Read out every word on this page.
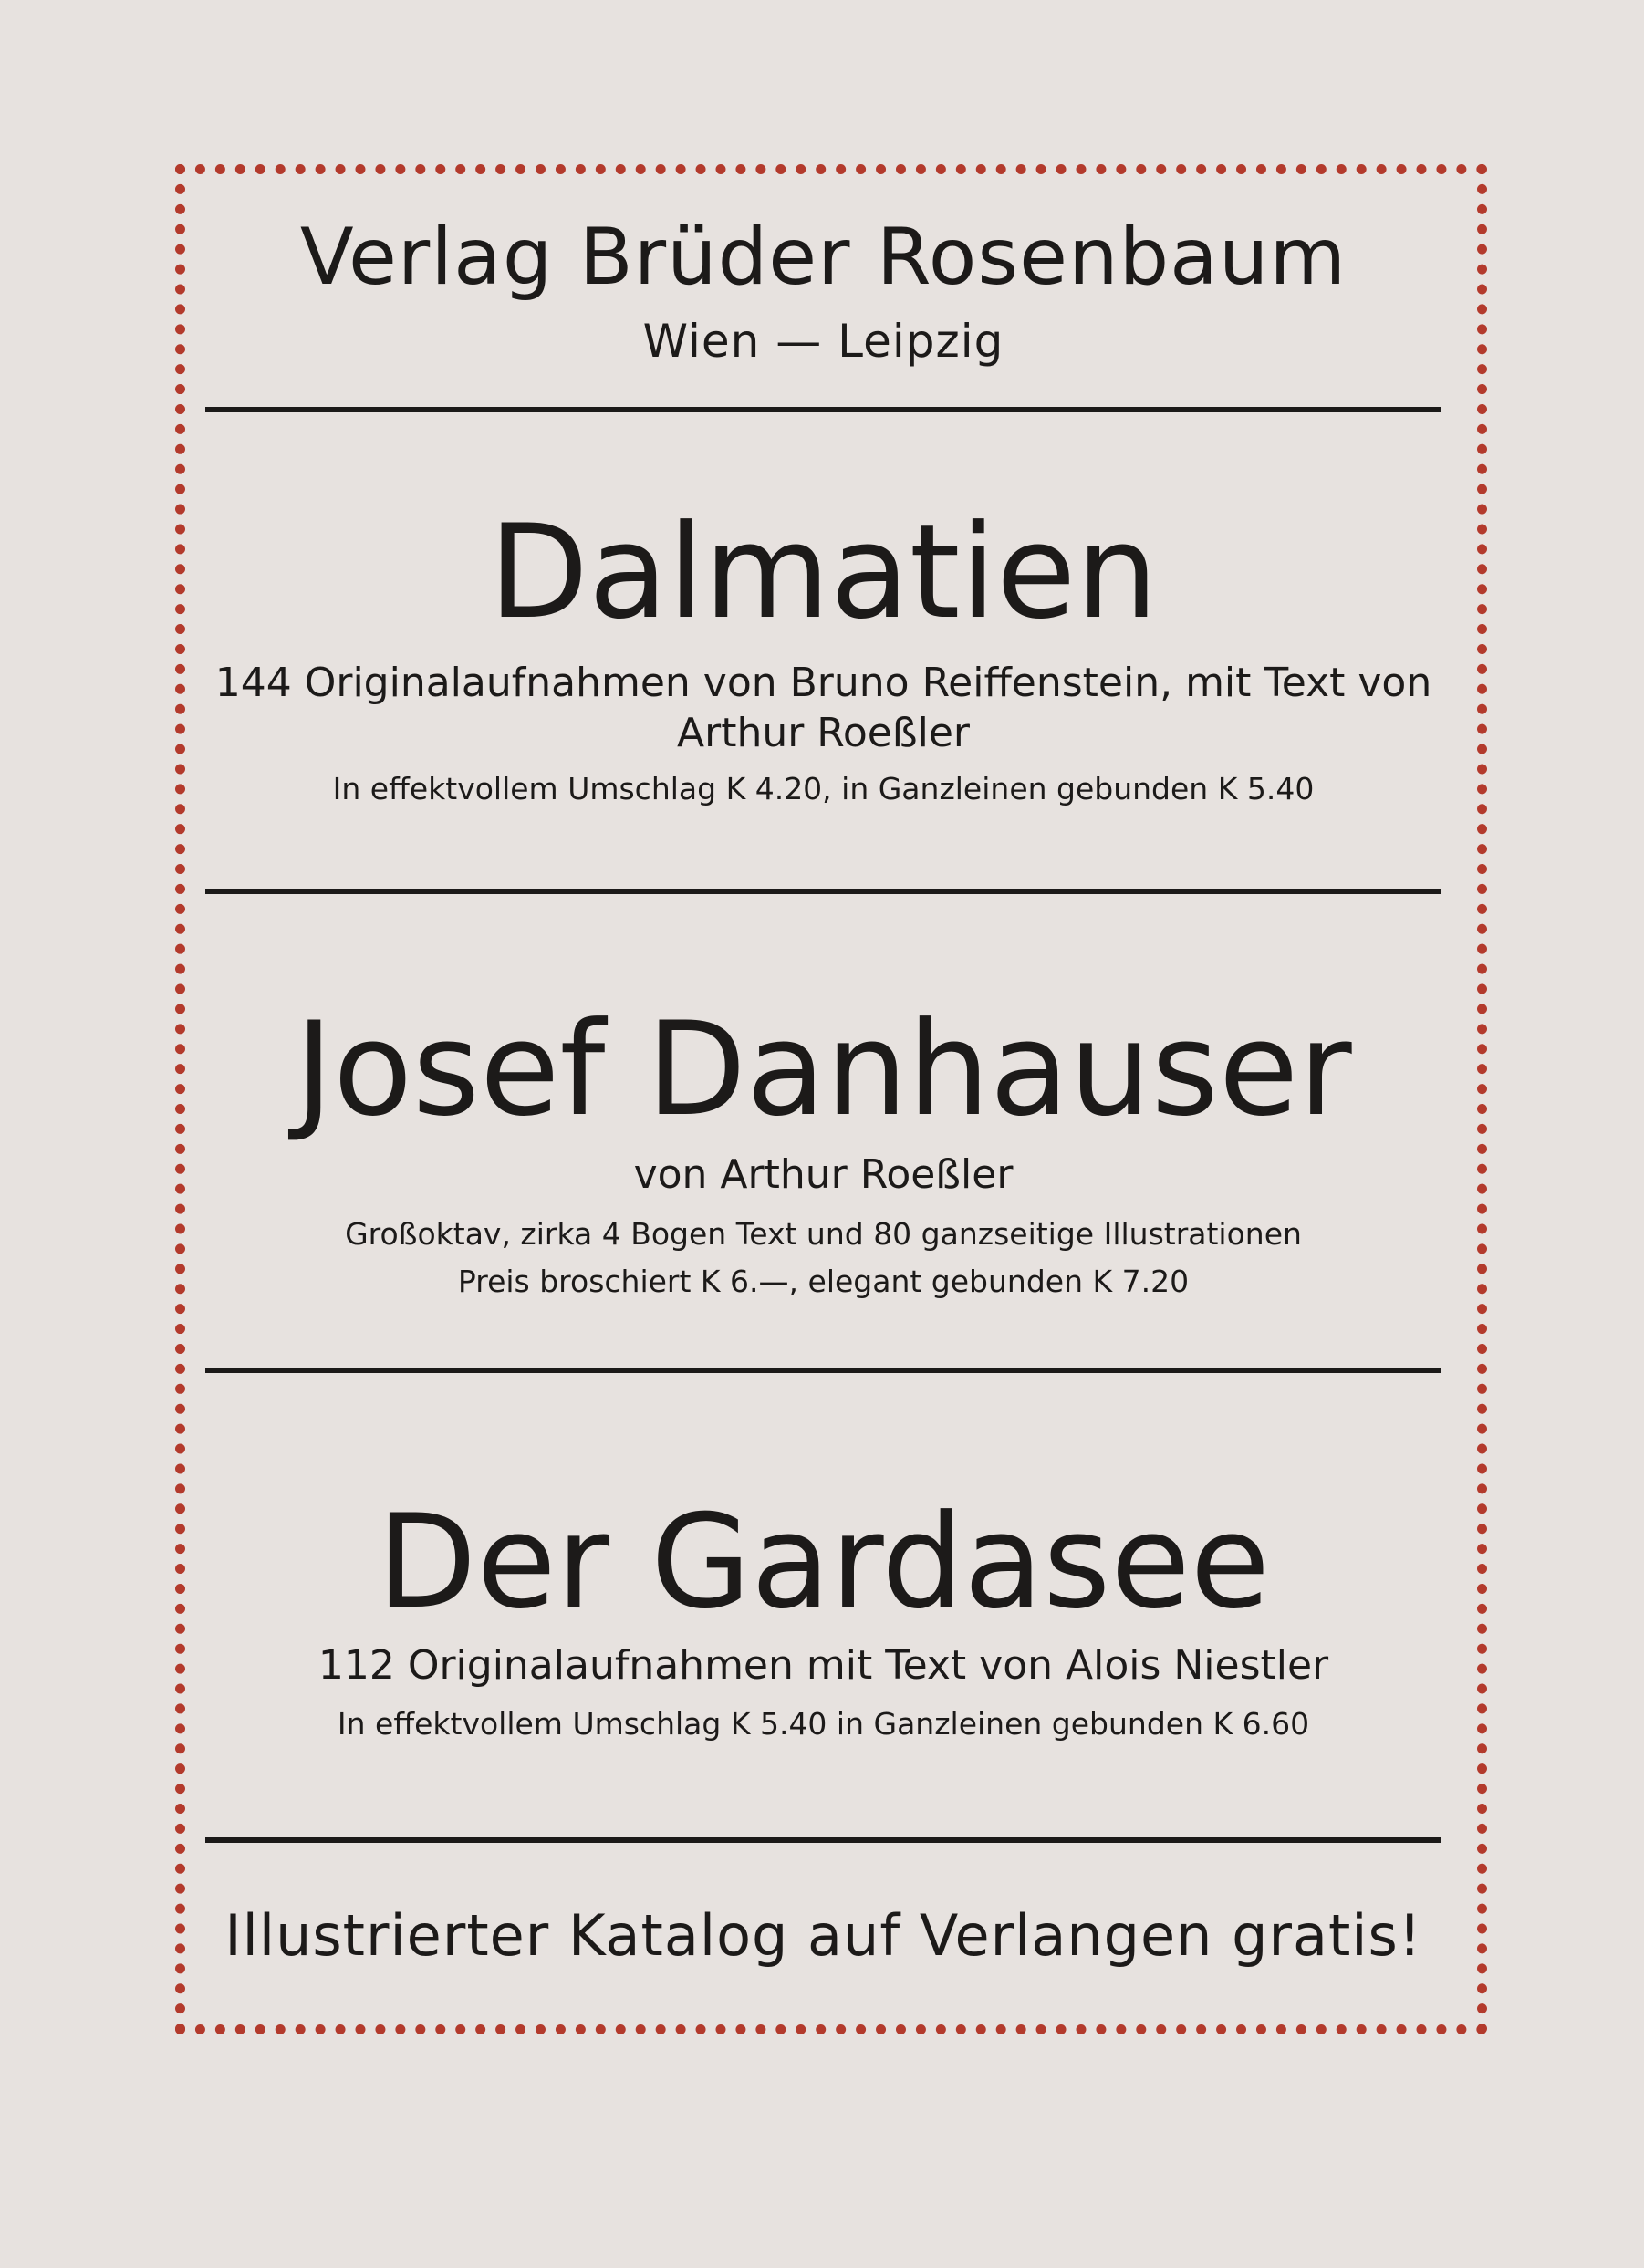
Verlag Brüder Rosenbaum
Wien — Leipzig
Dalmatien
144 Originalaufnahmen von Bruno Reiffenstein, mit Text von
Arthur Roeßler
In effektvollem Umschlag K 4.20, in Ganzleinen gebunden K 5.40
Josef Danhauser
von Arthur Roeßler
Großoktav, zirka 4 Bogen Text und 80 ganzseitige Illustrationen
Preis broschiert K 6.—, elegant gebunden K 7.20
Der Gardasee
112 Originalaufnahmen mit Text von Alois Niestler
In effektvollem Umschlag K 5.40 in Ganzleinen gebunden K 6.60
Illustrierter Katalog auf Verlangen gratis!
